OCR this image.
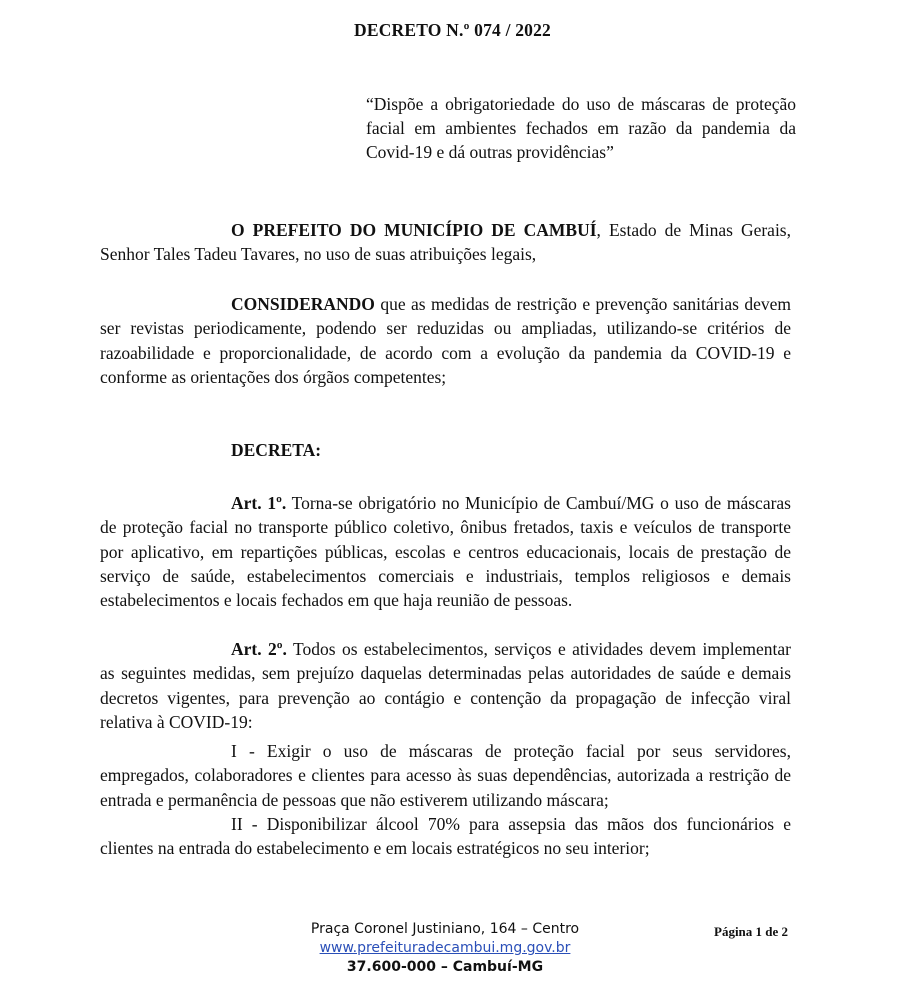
DECRETO N.º 074 / 2022
“Dispõe a obrigatoriedade do uso de máscaras de proteção facial em ambientes fechados em razão da pandemia da Covid-19 e dá outras providências”
O PREFEITO DO MUNICÍPIO DE CAMBUÍ, Estado de Minas Gerais, Senhor Tales Tadeu Tavares, no uso de suas atribuições legais,
CONSIDERANDO que as medidas de restrição e prevenção sanitárias devem ser revistas periodicamente, podendo ser reduzidas ou ampliadas, utilizando-se critérios de razoabilidade e proporcionalidade, de acordo com a evolução da pandemia da COVID-19 e conforme as orientações dos órgãos competentes;
DECRETA:
Art. 1º. Torna-se obrigatório no Município de Cambuí/MG o uso de máscaras de proteção facial no transporte público coletivo, ônibus fretados, taxis e veículos de transporte por aplicativo, em repartições públicas, escolas e centros educacionais, locais de prestação de serviço de saúde, estabelecimentos comerciais e industriais, templos religiosos e demais estabelecimentos e locais fechados em que haja reunião de pessoas.
Art. 2º. Todos os estabelecimentos, serviços e atividades devem implementar as seguintes medidas, sem prejuízo daquelas determinadas pelas autoridades de saúde e demais decretos vigentes, para prevenção ao contágio e contenção da propagação de infecção viral relativa à COVID-19:
I - Exigir o uso de máscaras de proteção facial por seus servidores, empregados, colaboradores e clientes para acesso às suas dependências, autorizada a restrição de entrada e permanência de pessoas que não estiverem utilizando máscara;
II - Disponibilizar álcool 70% para assepsia das mãos dos funcionários e clientes na entrada do estabelecimento e em locais estratégicos no seu interior;
Praça Coronel Justiniano, 164 – Centro
www.prefeituradecambui.mg.gov.br
37.600-000 – Cambuí-MG
Página 1 de 2
